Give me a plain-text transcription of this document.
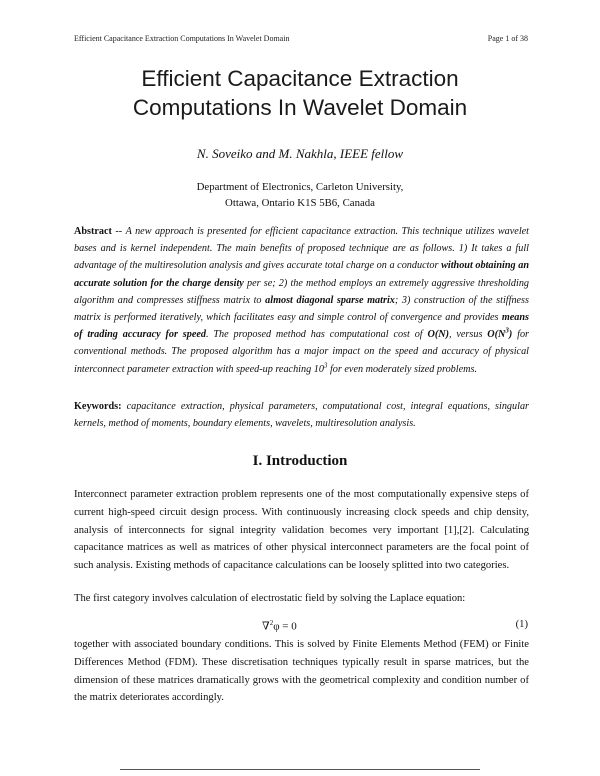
Efficient Capacitance Extraction Computations In Wavelet Domain	Page 1 of 38
Efficient Capacitance Extraction
Computations In Wavelet Domain
N. Soveiko and M. Nakhla, IEEE fellow
Department of Electronics, Carleton University,
Ottawa, Ontario K1S 5B6, Canada
Abstract -- A new approach is presented for efficient capacitance extraction. This technique utilizes wavelet bases and is kernel independent. The main benefits of proposed technique are as follows. 1) It takes a full advantage of the multiresolution analysis and gives accurate total charge on a conductor without obtaining an accurate solution for the charge density per se; 2) the method employs an extremely aggressive thresholding algorithm and compresses stiffness matrix to almost diagonal sparse matrix; 3) construction of the stiffness matrix is performed iteratively, which facilitates easy and simple control of convergence and provides means of trading accuracy for speed. The proposed method has computational cost of O(N), versus $O(N^3)$ for conventional methods. The proposed algorithm has a major impact on the speed and accuracy of physical interconnect parameter extraction with speed-up reaching $10^3$ for even moderately sized problems.
Keywords: capacitance extraction, physical parameters, computational cost, integral equations, singular kernels, method of moments, boundary elements, wavelets, multiresolution analysis.
I. Introduction
Interconnect parameter extraction problem represents one of the most computationally expensive steps of current high-speed circuit design process. With continuously increasing clock speeds and chip density, analysis of interconnects for signal integrity validation becomes very important [1],[2]. Calculating capacitance matrices as well as matrices of other physical interconnect parameters are the focal point of such analysis. Existing methods of capacitance calculations can be loosely splitted into two categories.
The first category involves calculation of electrostatic field by solving the Laplace equation:
∇$^2$φ = 0	(1)
together with associated boundary conditions. This is solved by Finite Elements Method (FEM) or Finite Differences Method (FDM). These discretisation techniques typically result in sparse matrices, but the dimension of these matrices dramatically grows with the geometrical complexity and condition number of the matrix deteriorates accordingly.
